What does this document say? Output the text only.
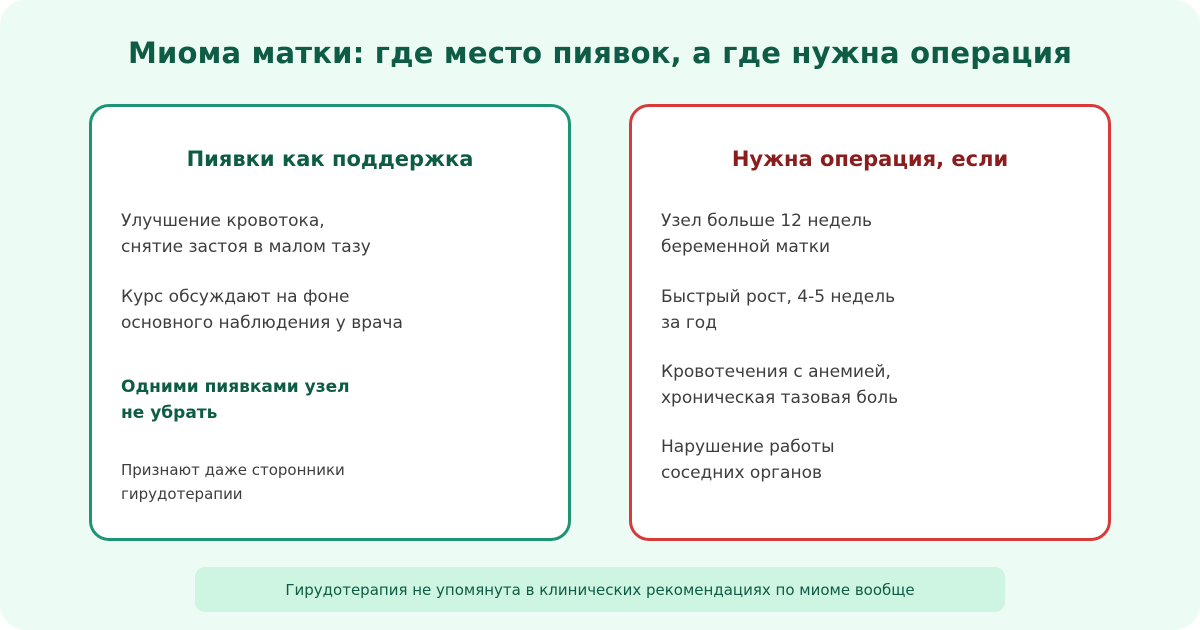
Миома матки: где место пиявок, а где нужна операция
Пиявки как поддержка
Улучшение кровотока,
снятие застоя в малом тазу
Курс обсуждают на фоне
основного наблюдения у врача
Одними пиявками узел
не убрать
Признают даже сторонники
гирудотерапии
Нужна операция, если
Узел больше 12 недель
беременной матки
Быстрый рост, 4-5 недель
за год
Кровотечения с анемией,
хроническая тазовая боль
Нарушение работы
соседних органов
Гирудотерапия не упомянута в клинических рекомендациях по миоме вообще
